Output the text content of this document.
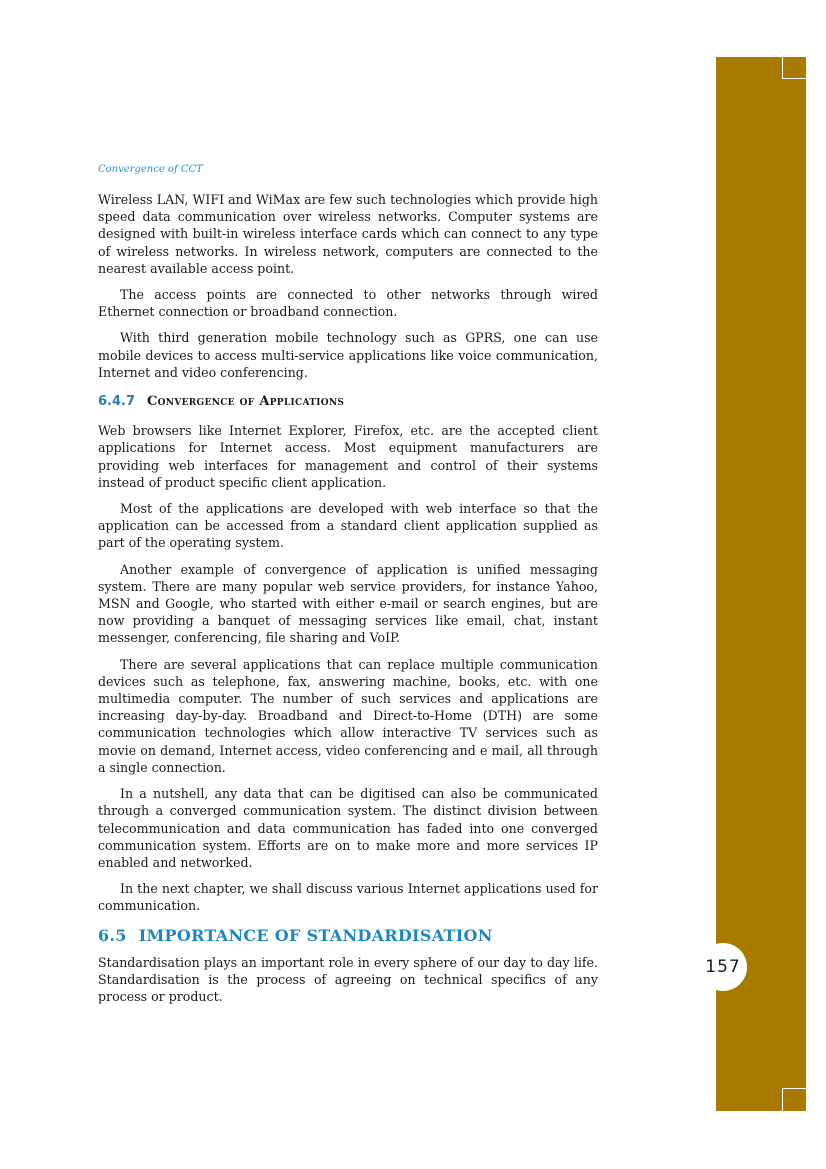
157
Convergence of CCT

Wireless LAN, WIFI and WiMax are few such technologies which provide high speed data communication over wireless networks. Computer systems are designed with built-in wireless interface cards which can connect to any type of wireless networks. In wireless network, computers are connected to the nearest available access point.

The access points are connected to other networks through wired Ethernet connection or broadband connection.

With third generation mobile technology such as GPRS, one can use mobile devices to access multi-service applications like voice communication, Internet and video conferencing.

6.4.7 Convergence of Applications

Web browsers like Internet Explorer, Firefox, etc. are the accepted client applications for Internet access. Most equipment manufacturers are providing web interfaces for management and control of their systems instead of product specific client application.

Most of the applications are developed with web interface so that the application can be accessed from a standard client application supplied as part of the operating system.

Another example of convergence of application is unified messaging system. There are many popular web service providers, for instance Yahoo, MSN and Google, who started with either e-mail or search engines, but are now providing a banquet of messaging services like email, chat, instant messenger, conferencing, file sharing and VoIP.

There are several applications that can replace multiple communication devices such as telephone, fax, answering machine, books, etc. with one multimedia computer. The number of such services and applications are increasing day-by-day. Broadband and Direct-to-Home (DTH) are some communication technologies which allow interactive TV services such as movie on demand, Internet access, video conferencing and e mail, all through a single connection.

In a nutshell, any data that can be digitised can also be communicated through a converged communication system. The distinct division between telecommunication and data communication has faded into one converged communication system. Efforts are on to make more and more services IP enabled and networked.

In the next chapter, we shall discuss various Internet applications used for communication.

6.5 IMPORTANCE OF STANDARDISATION

Standardisation plays an important role in every sphere of our day to day life. Standardisation is the process of agreeing on technical specifics of any process or product.
